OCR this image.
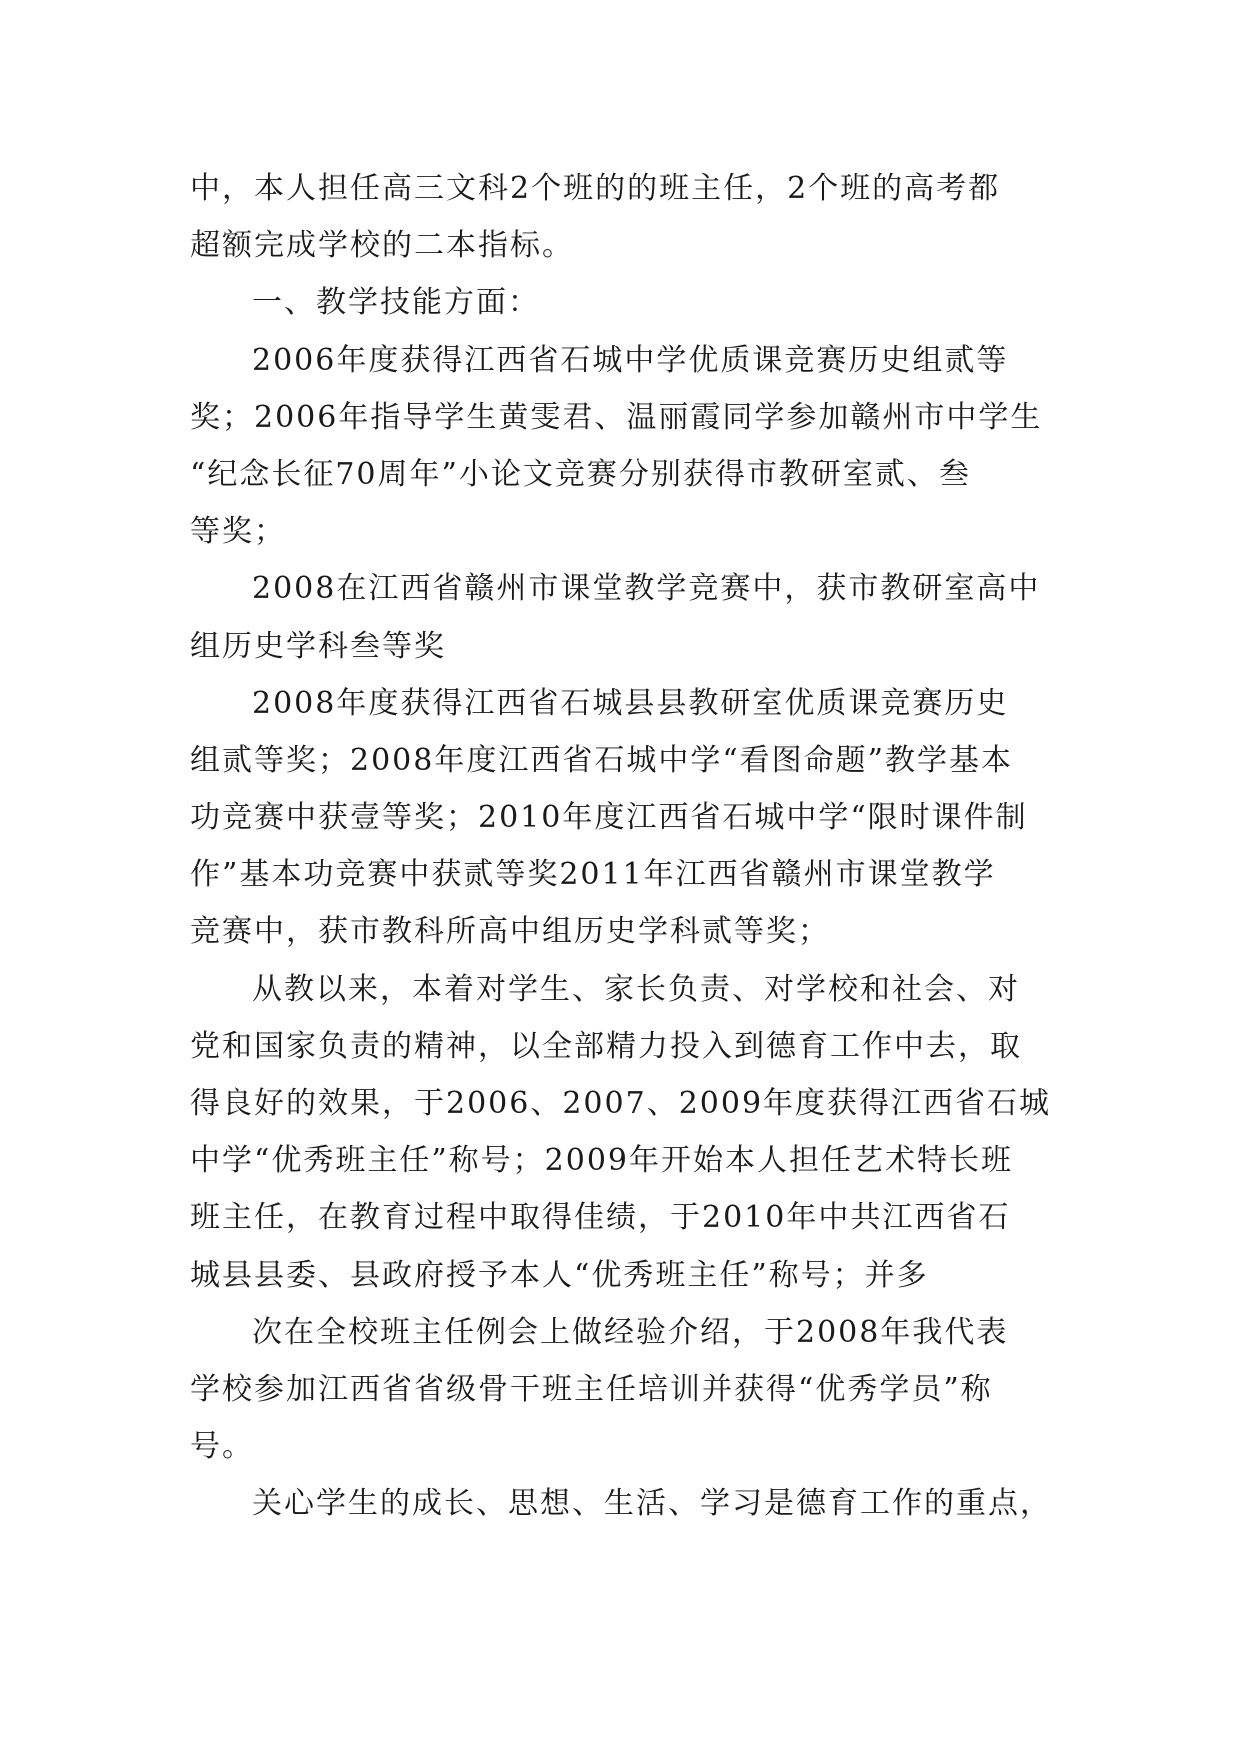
中，本人担任高三文科2个班的的班主任，2个班的高考都
超额完成学校的二本指标。
一、教学技能方面：
2006年度获得江西省石城中学优质课竞赛历史组贰等
奖；2006年指导学生黄雯君、温丽霞同学参加赣州市中学生
“纪念长征70周年”小论文竞赛分别获得市教研室贰、叁
等奖；
2008在江西省赣州市课堂教学竞赛中，获市教研室高中
组历史学科叁等奖
2008年度获得江西省石城县县教研室优质课竞赛历史
组贰等奖；2008年度江西省石城中学“看图命题”教学基本
功竞赛中获壹等奖；2010年度江西省石城中学“限时课件制
作”基本功竞赛中获贰等奖2011年江西省赣州市课堂教学
竞赛中，获市教科所高中组历史学科贰等奖；
从教以来，本着对学生、家长负责、对学校和社会、对
党和国家负责的精神，以全部精力投入到德育工作中去，取
得良好的效果，于2006、2007、2009年度获得江西省石城
中学“优秀班主任”称号；2009年开始本人担任艺术特长班
班主任，在教育过程中取得佳绩，于2010年中共江西省石
城县县委、县政府授予本人“优秀班主任”称号；并多
次在全校班主任例会上做经验介绍，于2008年我代表
学校参加江西省省级骨干班主任培训并获得“优秀学员”称
号。
关心学生的成长、思想、生活、学习是德育工作的重点，
